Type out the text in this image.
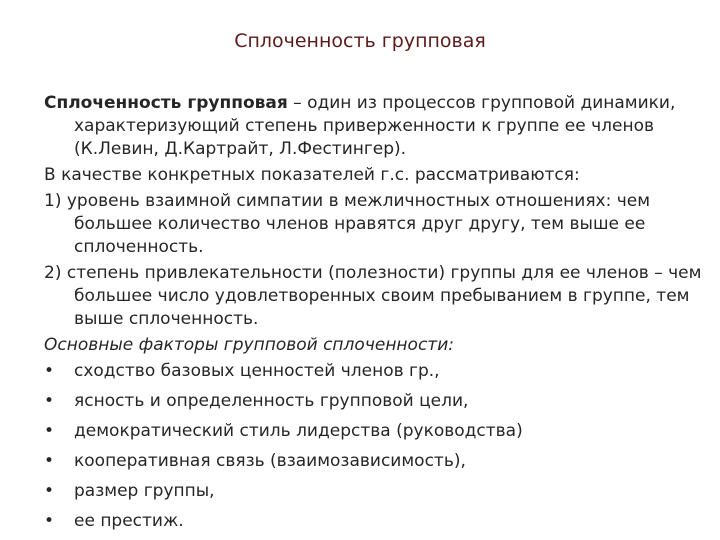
Сплоченность групповая

Сплоченность групповая – один из процессов групповой динамики, характеризующий степень приверженности к группе ее членов (К.Левин, Д.Картрайт, Л.Фестингер).

В качестве конкретных показателей г.с. рассматриваются:

1) уровень взаимной симпатии в межличностных отношениях: чем большее количество членов нравятся друг другу, тем выше ее сплоченность.

2) степень привлекательности (полезности) группы для ее членов – чем большее число удовлетворенных своим пребыванием в группе, тем выше сплоченность.

Основные факторы групповой сплоченности:

• сходство базовых ценностей членов гр.,
• ясность и определенность групповой цели,
• демократический стиль лидерства (руководства)
• кооперативная связь (взаимозависимость),
• размер группы,
• ее престиж.
